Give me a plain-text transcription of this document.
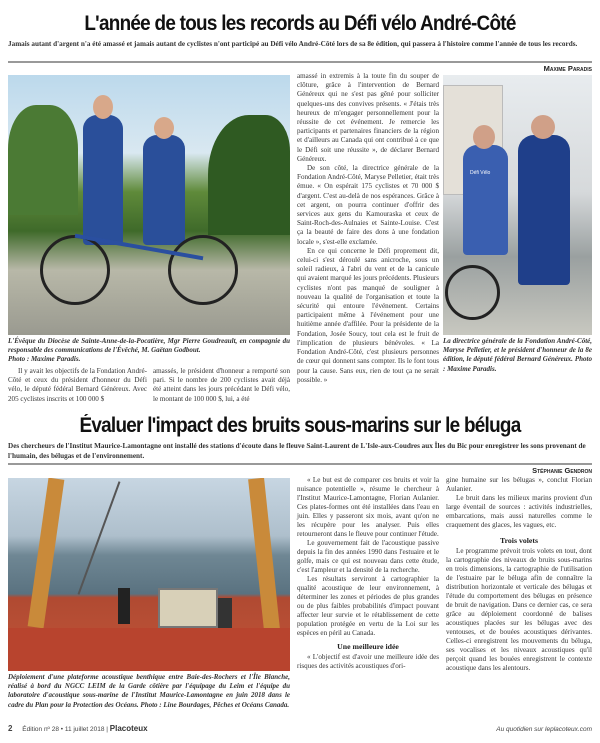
L'année de tous les records au Défi vélo André-Côté
Jamais autant d'argent n'a été amassé et jamais autant de cyclistes n'ont participé au Défi vélo André-Côté lors de sa 8e édition, qui passera à l'histoire comme l'année de tous les records.
Maxime Paradis
L'Évêque du Diocèse de Sainte-Anne-de-la-Pocatière, Mgr Pierre Goudreault, en compagnie du responsable des communications de l'Évêché, M. Gaëtan Godbout.
Photo : Maxime Paradis.

Il y avait les objectifs de la Fondation André-Côté et ceux du président d'honneur du Défi vélo, le député fédéral Bernard Généreux. Avec 205 cyclistes inscrits et 100 000 $

amassés, le président d'honneur a remporté son pari. Si le nombre de 200 cyclistes avait déjà été atteint dans les jours précédant le Défi vélo, le montant de 100 000 $, lui, a été

amassé in extremis à la toute fin du souper de clôture, grâce à l'intervention de Bernard Généreux qui ne s'est pas gêné pour solliciter quelques-uns des convives présents. « J'étais très heureux de m'engager personnellement pour la réussite de cet événement. Je remercie les participants et partenaires financiers de la région et d'ailleurs au Canada qui ont contribué à ce que le Défi soit une réussite », de déclarer Bernard Généreux.

De son côté, la directrice générale de la Fondation André-Côté, Maryse Pelletier, était très émue. « On espérait 175 cyclistes et 70 000 $ d'argent. C'est au-delà de nos espérances. Grâce à cet argent, on pourra continuer d'offrir des services aux gens du Kamouraska et ceux de Saint-Roch-des-Aulnaies et Sainte-Louise. C'est ça la beauté de faire des dons à une fondation locale », s'est-elle exclamée.

En ce qui concerne le Défi proprement dit, celui-ci s'est déroulé sans anicroche, sous un soleil radieux, à l'abri du vent et de la canicule qui avaient marqué les jours précédents. Plusieurs cyclistes n'ont pas manqué de souligner à nouveau la qualité de l'organisation et toute la sécurité qui entoure l'événement. Certains participaient même à l'événement pour une huitième année d'affilée. Pour la présidente de la Fondation, Josée Soucy, tout cela est le fruit de l'implication de plusieurs bénévoles. « La Fondation André-Côté, c'est plusieurs personnes de cœur qui donnent sans compter. Ils le font tous pour la cause. Sans eux, rien de tout ça ne serait possible. »

Défi Vélo
La directrice générale de la Fondation André-Côté, Maryse Pelletier, et le président d'honneur de la 8e édition, le député fédéral Bernard Généreux. Photo : Maxime Paradis.
Évaluer l'impact des bruits sous-marins sur le béluga
Des chercheurs de l'Institut Maurice-Lamontagne ont installé des stations d'écoute dans le fleuve Saint-Laurent de L'Isle-aux-Coudres aux Îles du Bic pour enregistrer les sons provenant de l'humain, des bélugas et de l'environnement.
Stéphanie Gendron
Déploiement d'une plateforme acoustique benthique entre Baie-des-Rochers et l'Île Blanche, réalisé à bord du NGCC LEIM de la Garde côtière par l'équipage du Leim et l'équipe du laboratoire d'acoustique sous-marine de l'Institut Maurice-Lamontagne en juin 2018 dans le cadre du Plan pour la Protection des Océans. Photo : Line Bourdages, Pêches et Océans Canada.

« Le but est de comparer ces bruits et voir la nuisance potentielle », résume le chercheur à l'Institut Maurice-Lamontagne, Florian Aulanier. Ces plates-formes ont été installées dans l'eau en juin. Elles y passeront six mois, avant qu'on ne les récupère pour les analyser. Puis elles retourneront dans le fleuve pour continuer l'étude.

Le gouvernement fait de l'acoustique passive depuis la fin des années 1990 dans l'estuaire et le golfe, mais ce qui est nouveau dans cette étude, c'est l'ampleur et la densité de la recherche.

Les résultats serviront à cartographier la qualité acoustique de leur environnement, à déterminer les zones et périodes de plus grandes ou de plus faibles probabilités d'impact pouvant affecter leur survie et le rétablissement de cette population protégée en vertu de la Loi sur les espèces en péril au Canada.

Une meilleure idée

« L'objectif est d'avoir une meilleure idée des risques des activités acoustiques d'ori-

gine humaine sur les bélugas », conclut Florian Aulanier.

Le bruit dans les milieux marins provient d'un large éventail de sources : activités industrielles, embarcations, mais aussi naturelles comme le craquement des glaces, les vagues, etc.

Trois volets

Le programme prévoit trois volets en tout, dont la cartographie des niveaux de bruits sous-marins en trois dimensions, la cartographie de l'utilisation de l'estuaire par le béluga afin de connaître la distribution horizontale et verticale des bélugas et l'étude du comportement des bélugas en présence de bruit de navigation. Dans ce dernier cas, ce sera grâce au déploiement coordonné de balises acoustiques placées sur les bélugas avec des ventouses, et de bouées acoustiques dérivantes. Celles-ci enregistrent les mouvements du béluga, ses vocalises et les niveaux acoustiques qu'il perçoit quand les bouées enregistrent le contexte acoustique dans les alentours.

2 Édition nº 28 • 11 juillet 2018 | Placoteux	Au quotidien sur leplacoteux.com
